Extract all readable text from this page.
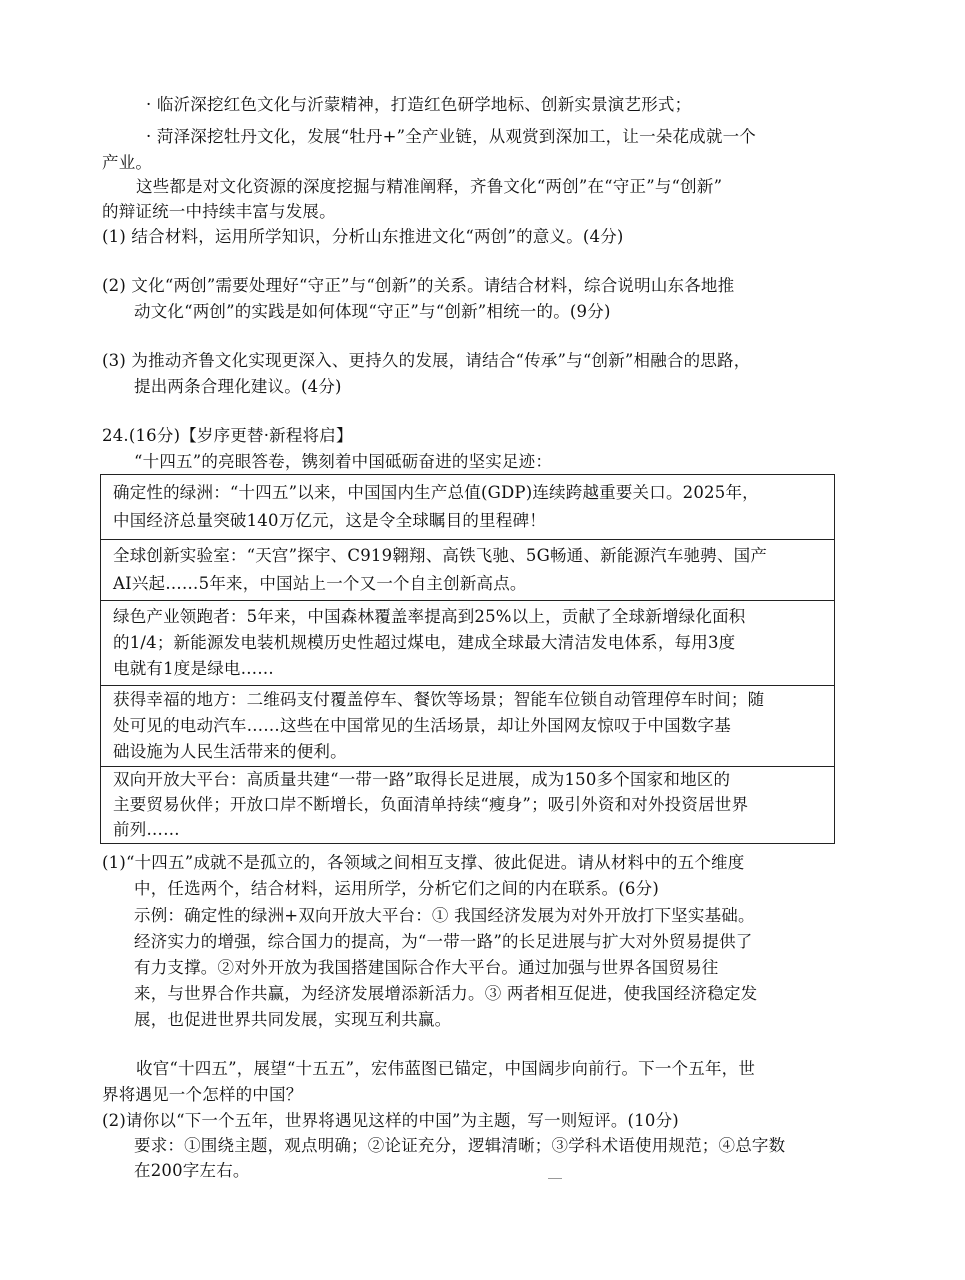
· 临沂深挖红色文化与沂蒙精神，打造红色研学地标、创新实景演艺形式；
· 菏泽深挖牡丹文化，发展“牡丹+”全产业链，从观赏到深加工，让一朵花成就一个
产业。
这些都是对文化资源的深度挖掘与精准阐释，齐鲁文化“两创”在“守正”与“创新”
的辩证统一中持续丰富与发展。
(1) 结合材料，运用所学知识，分析山东推进文化“两创”的意义。(4分)
(2) 文化“两创”需要处理好“守正”与“创新”的关系。请结合材料，综合说明山东各地推
动文化“两创”的实践是如何体现“守正”与“创新”相统一的。(9分)
(3) 为推动齐鲁文化实现更深入、更持久的发展，请结合“传承”与“创新”相融合的思路，
提出两条合理化建议。(4分)
24.(16分)【岁序更替·新程将启】
“十四五”的亮眼答卷，镌刻着中国砥砺奋进的坚实足迹：
确定性的绿洲：“十四五”以来，中国国内生产总值(GDP)连续跨越重要关口。2025年，
中国经济总量突破140万亿元，这是令全球瞩目的里程碑！
全球创新实验室：“天宫”探宇、C919翱翔、高铁飞驰、5G畅通、新能源汽车驰骋、国产
AI兴起……5年来，中国站上一个又一个自主创新高点。
绿色产业领跑者：5年来，中国森林覆盖率提高到25%以上，贡献了全球新增绿化面积
的1/4；新能源发电装机规模历史性超过煤电，建成全球最大清洁发电体系，每用3度
电就有1度是绿电……
获得幸福的地方：二维码支付覆盖停车、餐饮等场景；智能车位锁自动管理停车时间；随
处可见的电动汽车……这些在中国常见的生活场景，却让外国网友惊叹于中国数字基
础设施为人民生活带来的便利。
双向开放大平台：高质量共建“一带一路”取得长足进展，成为150多个国家和地区的
主要贸易伙伴；开放口岸不断增长，负面清单持续“瘦身”；吸引外资和对外投资居世界
前列……
(1)“十四五”成就不是孤立的，各领域之间相互支撑、彼此促进。请从材料中的五个维度
中，任选两个，结合材料，运用所学，分析它们之间的内在联系。(6分)
示例：确定性的绿洲+双向开放大平台：① 我国经济发展为对外开放打下坚实基础。
经济实力的增强，综合国力的提高，为“一带一路”的长足进展与扩大对外贸易提供了
有力支撑。②对外开放为我国搭建国际合作大平台。通过加强与世界各国贸易往
来，与世界合作共赢，为经济发展增添新活力。③ 两者相互促进，使我国经济稳定发
展，也促进世界共同发展，实现互利共赢。
收官“十四五”，展望“十五五”，宏伟蓝图已锚定，中国阔步向前行。下一个五年，世
界将遇见一个怎样的中国？
(2)请你以“下一个五年，世界将遇见这样的中国”为主题，写一则短评。(10分)
要求：①围绕主题，观点明确；②论证充分，逻辑清晰；③学科术语使用规范；④总字数
在200字左右。
